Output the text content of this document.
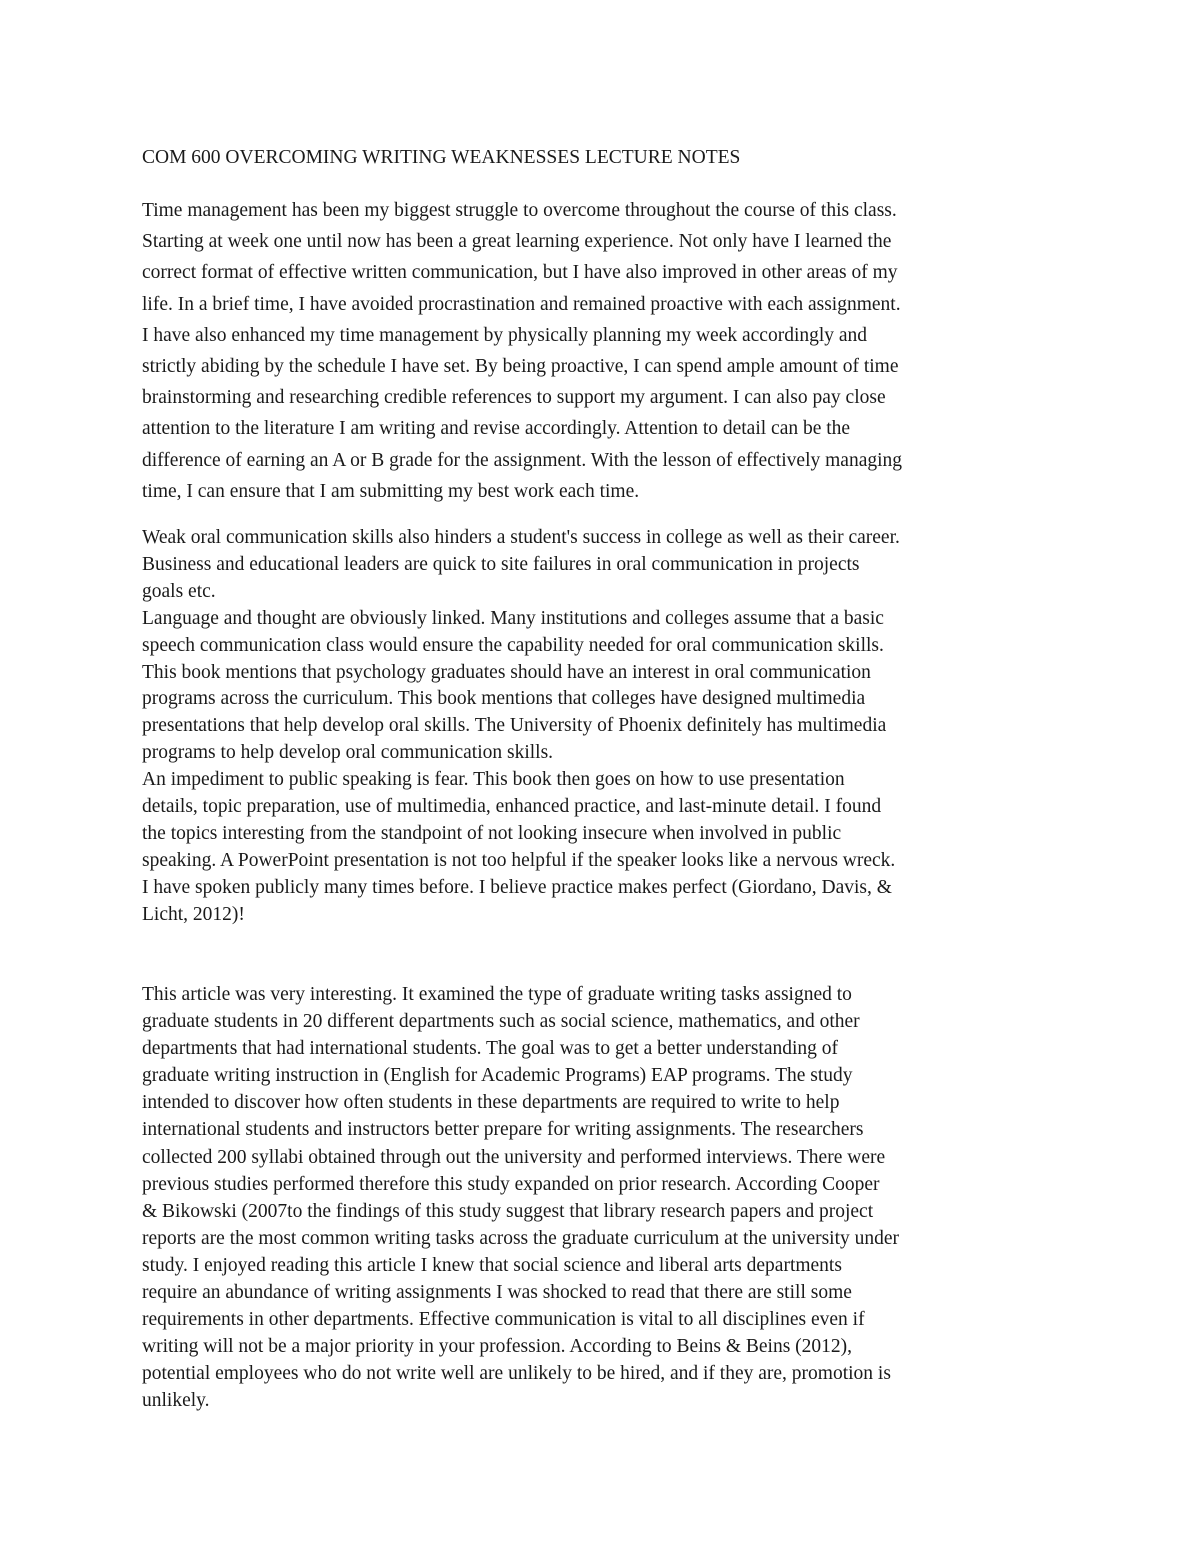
COM 600 OVERCOMING WRITING WEAKNESSES LECTURE NOTES

Time management has been my biggest struggle to overcome throughout the course of this class.
Starting at week one until now has been a great learning experience. Not only have I learned the
correct format of effective written communication, but I have also improved in other areas of my
life. In a brief time, I have avoided procrastination and remained proactive with each assignment.
I have also enhanced my time management by physically planning my week accordingly and
strictly abiding by the schedule I have set. By being proactive, I can spend ample amount of time
brainstorming and researching credible references to support my argument. I can also pay close
attention to the literature I am writing and revise accordingly. Attention to detail can be the
difference of earning an A or B grade for the assignment. With the lesson of effectively managing
time, I can ensure that I am submitting my best work each time.

Weak oral communication skills also hinders a student's success in college as well as their career.
Business and educational leaders are quick to site failures in oral communication in projects
goals etc.
Language and thought are obviously linked. Many institutions and colleges assume that a basic
speech communication class would ensure the capability needed for oral communication skills.
This book mentions that psychology graduates should have an interest in oral communication
programs across the curriculum. This book mentions that colleges have designed multimedia
presentations that help develop oral skills. The University of Phoenix definitely has multimedia
programs to help develop oral communication skills.
An impediment to public speaking is fear. This book then goes on how to use presentation
details, topic preparation, use of multimedia, enhanced practice, and last-minute detail. I found
the topics interesting from the standpoint of not looking insecure when involved in public
speaking. A PowerPoint presentation is not too helpful if the speaker looks like a nervous wreck.
I have spoken publicly many times before. I believe practice makes perfect (Giordano, Davis, &
Licht, 2012)!

This article was very interesting. It examined the type of graduate writing tasks assigned to
graduate students in 20 different departments such as social science, mathematics, and other
departments that had international students. The goal was to get a better understanding of
graduate writing instruction in (English for Academic Programs) EAP programs. The study
intended to discover how often students in these departments are required to write to help
international students and instructors better prepare for writing assignments. The researchers
collected 200 syllabi obtained through out the university and performed interviews. There were
previous studies performed therefore this study expanded on prior research. According Cooper
& Bikowski (2007to the findings of this study suggest that library research papers and project
reports are the most common writing tasks across the graduate curriculum at the university under
study. I enjoyed reading this article I knew that social science and liberal arts departments
require an abundance of writing assignments I was shocked to read that there are still some
requirements in other departments. Effective communication is vital to all disciplines even if
writing will not be a major priority in your profession. According to Beins & Beins (2012),
potential employees who do not write well are unlikely to be hired, and if they are, promotion is
unlikely.
